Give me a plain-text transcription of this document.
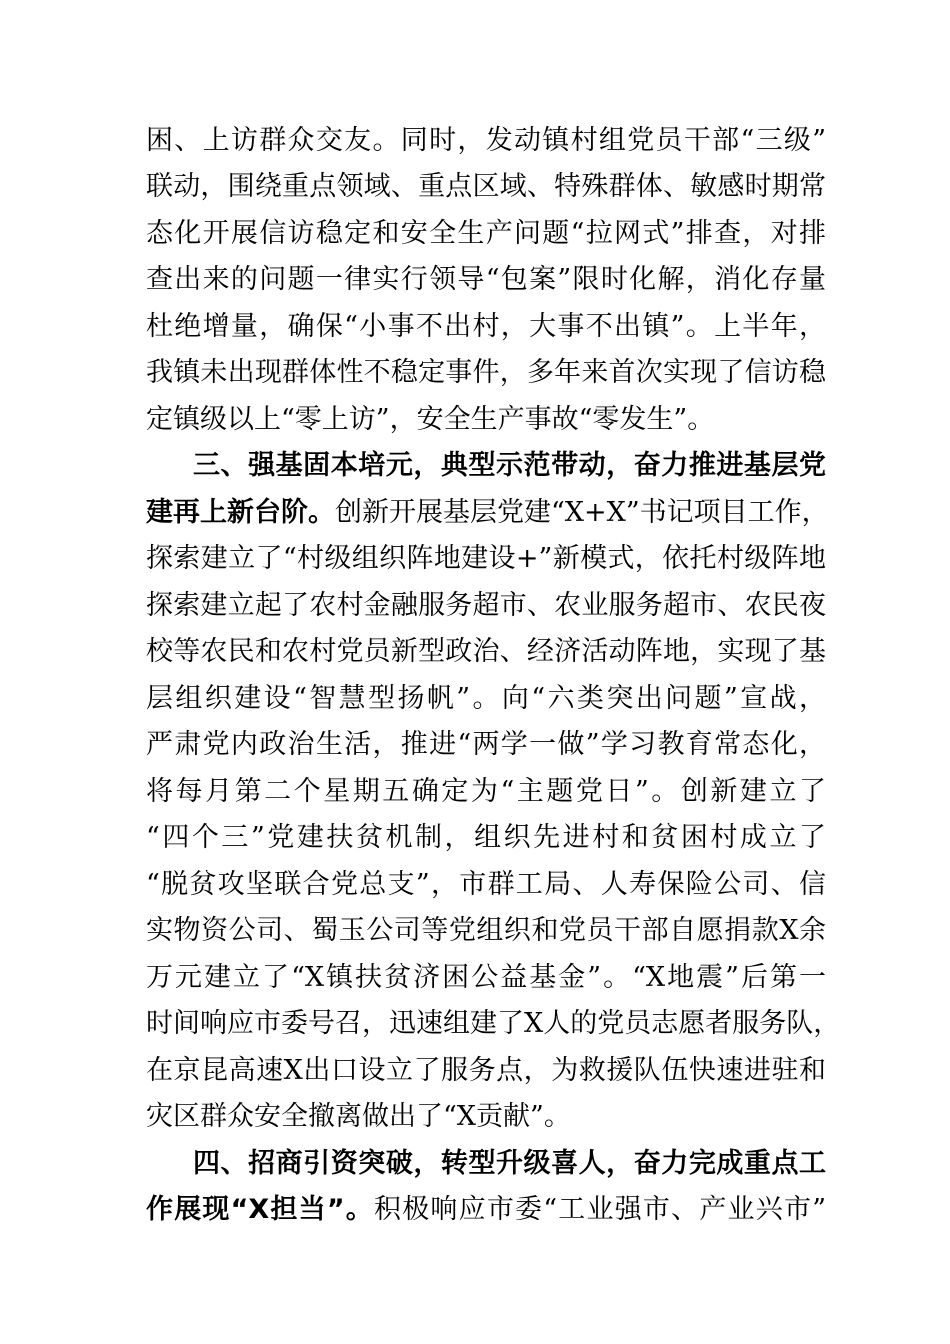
困、上访群众交友。同时，发动镇村组党员干部“三级”
联动，围绕重点领域、重点区域、特殊群体、敏感时期常
态化开展信访稳定和安全生产问题“拉网式”排查，对排
查出来的问题一律实行领导“包案”限时化解，消化存量
杜绝增量，确保“小事不出村，大事不出镇”。上半年，
我镇未出现群体性不稳定事件，多年来首次实现了信访稳
定镇级以上“零上访”，安全生产事故“零发生”。
三、强基固本培元，典型示范带动，奋力推进基层党
建再上新台阶。创新开展基层党建“X+X”书记项目工作，
探索建立了“村级组织阵地建设+”新模式，依托村级阵地
探索建立起了农村金融服务超市、农业服务超市、农民夜
校等农民和农村党员新型政治、经济活动阵地，实现了基
层组织建设“智慧型扬帆”。向“六类突出问题”宣战，
严肃党内政治生活，推进“两学一做”学习教育常态化，
将每月第二个星期五确定为“主题党日”。创新建立了
“四个三”党建扶贫机制，组织先进村和贫困村成立了
“脱贫攻坚联合党总支”，市群工局、人寿保险公司、信
实物资公司、蜀玉公司等党组织和党员干部自愿捐款X余
万元建立了“X镇扶贫济困公益基金”。“X地震”后第一
时间响应市委号召，迅速组建了X人的党员志愿者服务队，
在京昆高速X出口设立了服务点，为救援队伍快速进驻和
灾区群众安全撤离做出了“X贡献”。
四、招商引资突破，转型升级喜人，奋力完成重点工
作展现“X担当”。积极响应市委“工业强市、产业兴市”
